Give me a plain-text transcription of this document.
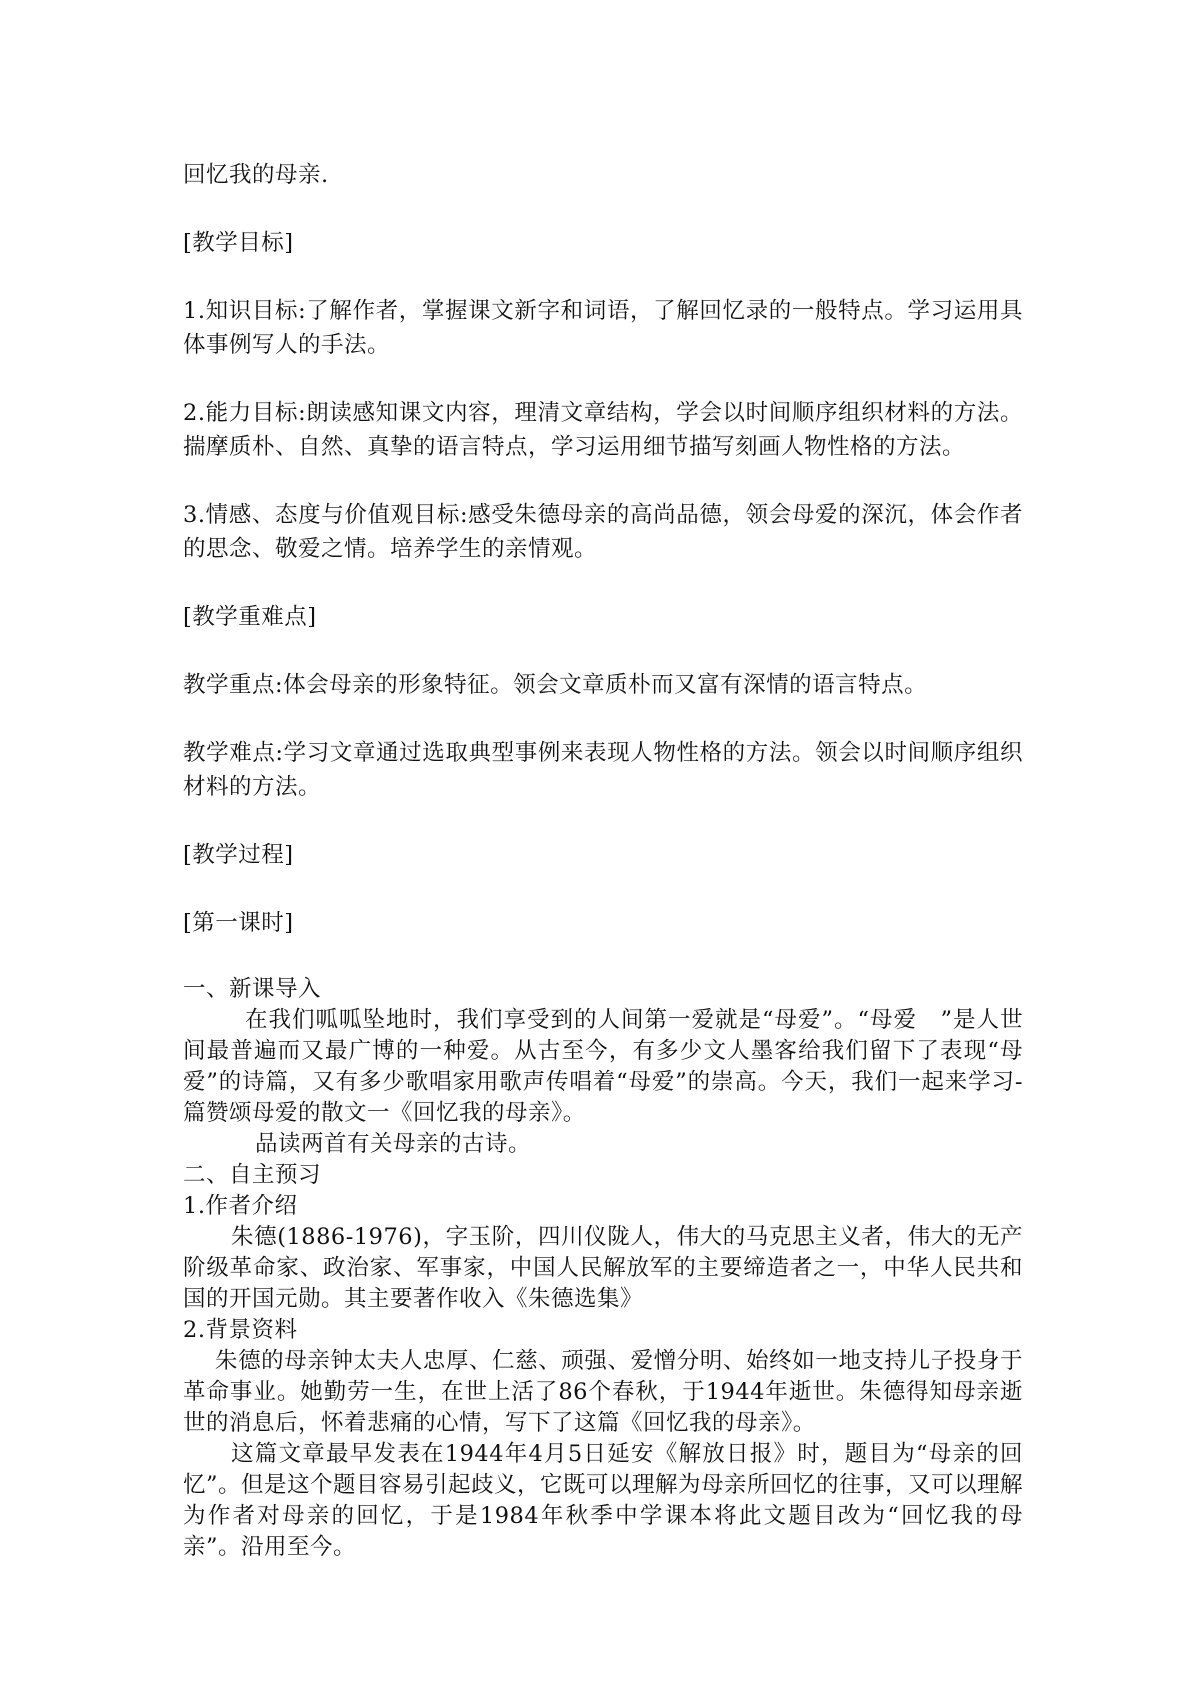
回忆我的母亲.

[教学目标]

1.知识目标:了解作者，掌握课文新字和词语，了解回忆录的一般特点。学习运用具体事例写人的手法。

2.能力目标:朗读感知课文内容，理清文章结构，学会以时间顺序组织材料的方法。揣摩质朴、自然、真挚的语言特点，学习运用细节描写刻画人物性格的方法。

3.情感、态度与价值观目标:感受朱德母亲的高尚品德，领会母爱的深沉，体会作者的思念、敬爱之情。培养学生的亲情观。

[教学重难点]

教学重点:体会母亲的形象特征。领会文章质朴而又富有深情的语言特点。

教学难点:学习文章通过选取典型事例来表现人物性格的方法。领会以时间顺序组织材料的方法。

[教学过程]

[第一课时]

一、新课导入

在我们呱呱坠地时，我们享受到的人间第一爱就是“母爱”。“母爱　”是人世间最普遍而又最广博的一种爱。从古至今，有多少文人墨客给我们留下了表现“母爱”的诗篇，又有多少歌唱家用歌声传唱着“母爱”的崇高。今天，我们一起来学习-　篇赞颂母爱的散文一《回忆我的母亲》。

品读两首有关母亲的古诗。

二、自主预习

1.作者介绍

朱德(1886-1976)，字玉阶，四川仪陇人，伟大的马克思主义者，伟大的无产阶级革命家、政治家、军事家，中国人民解放军的主要缔造者之一，中华人民共和国的开国元勋。其主要著作收入《朱德选集》

2.背景资料

朱德的母亲钟太夫人忠厚、仁慈、顽强、爱憎分明、始终如一地支持儿子投身于革命事业。她勤劳一生，在世上活了86个春秋，于1944年逝世。朱德得知母亲逝世的消息后，怀着悲痛的心情，写下了这篇《回忆我的母亲》。

这篇文章最早发表在1944年4月5日延安《解放日报》时，题目为“母亲的回忆”。但是这个题目容易引起歧义，它既可以理解为母亲所回忆的往事，又可以理解为作者对母亲的回忆，于是1984年秋季中学课本将此文题目改为“回忆我的母亲”。沿用至今。
